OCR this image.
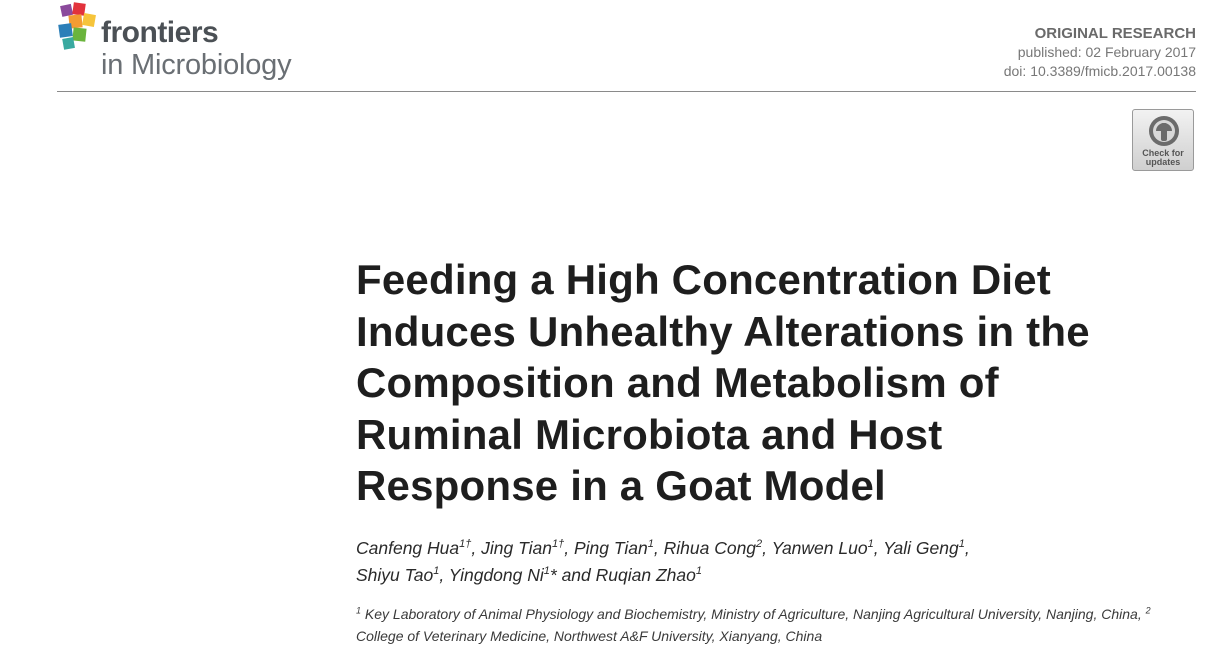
frontiers
in Microbiology
ORIGINAL RESEARCH
published: 02 February 2017
doi: 10.3389/fmicb.2017.00138
Check for
updates
Feeding a High Concentration Diet
Induces Unhealthy Alterations in the
Composition and Metabolism of
Ruminal Microbiota and Host
Response in a Goat Model

Canfeng Hua$^{1\dagger}$, Jing Tian$^{1\dagger}$, Ping Tian$^1$, Rihua Cong$^2$, Yanwen Luo$^1$, Yali Geng$^1$,
Shiyu Tao$^1$, Yingdong Ni$^1$* and Ruqian Zhao$^1$

$^1$ Key Laboratory of Animal Physiology and Biochemistry, Ministry of Agriculture, Nanjing Agricultural University, Nanjing, China, $^2$ College of Veterinary Medicine, Northwest A&F University, Xianyang, China
